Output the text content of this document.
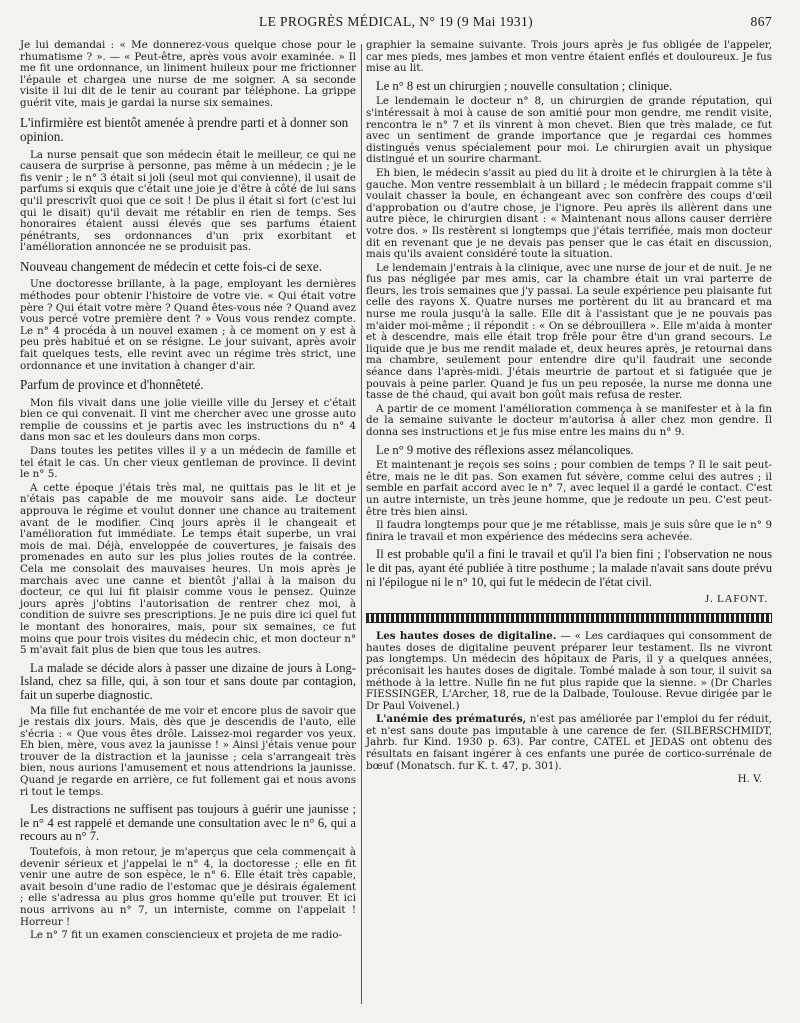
LE PROGRÈS MÉDICAL, N° 19 (9 Mai 1931)	867

Je lui demandai : « Me donnerez-vous quelque chose pour le rhumatisme ? ». — « Peut-être, après vous avoir examinée. » Il me fit une ordonnance, un liniment huileux pour me frictionner l'épaule et chargea une nurse de me soigner. A sa seconde visite il lui dit de le tenir au courant par téléphone. La grippe guérit vite, mais je gardai la nurse six semaines.

L'infirmière est bientôt amenée à prendre parti et à donner son opinion.

La nurse pensait que son médecin était le meilleur, ce qui ne causera de surprise à personne, pas même à un médecin ; je le fis venir ; le n° 3 était si joli (seul mot qui convienne), il usait de parfums si exquis que c'était une joie je d'être à côté de lui sans qu'il prescrivît quoi que ce soit ! De plus il était si fort (c'est lui qui le disait) qu'il devait me rétablir en rien de temps. Ses honoraires étaient aussi élevés que ses parfums étaient pénétrants, ses ordonnances d'un prix exorbitant et l'amélioration annoncée ne se produisit pas.

Nouveau changement de médecin et cette fois-ci de sexe.

Une doctoresse brillante, à la page, employant les dernières méthodes pour obtenir l'histoire de votre vie. « Qui était votre père ? Qui était votre mère ? Quand êtes-vous née ? Quand avez vous percé votre première dent ? » Vous vous rendez compte. Le n° 4 procéda à un nouvel examen ; à ce moment on y est à peu près habitué et on se résigne. Le jour suivant, après avoir fait quelques tests, elle revint avec un régime très strict, une ordonnance et une invitation à changer d'air.

Parfum de province et d'honnêteté.

Mon fils vivait dans une jolie vieille ville du Jersey et c'était bien ce qui convenait. Il vint me chercher avec une grosse auto remplie de coussins et je partis avec les instructions du n° 4 dans mon sac et les douleurs dans mon corps.

Dans toutes les petites villes il y a un médecin de famille et tel était le cas. Un cher vieux gentleman de province. Il devint le n° 5.

A cette époque j'étais très mal, ne quittais pas le lit et je n'étais pas capable de me mouvoir sans aide. Le docteur approuva le régime et voulut donner une chance au traitement avant de le modifier. Cinq jours après il le changeait et l'amélioration fut immédiate. Le temps était superbe, un vrai mois de mai. Déjà, enveloppée de couvertures, je faisais des promenades en auto sur les plus jolies routes de la contrée. Cela me consolait des mauvaises heures. Un mois après je marchais avec une canne et bientôt j'allai à la maison du docteur, ce qui lui fit plaisir comme vous le pensez. Quinze jours après j'obtins l'autorisation de rentrer chez moi, à condition de suivre ses prescriptions. Je ne puis dire ici quel fut le montant des honoraires, mais, pour six semaines, ce fut moins que pour trois visites du médecin chic, et mon docteur n° 5 m'avait fait plus de bien que tous les autres.

La malade se décide alors à passer une dizaine de jours à Long-Island, chez sa fille, qui, à son tour et sans doute par contagion, fait un superbe diagnostic.

Ma fille fut enchantée de me voir et encore plus de savoir que je restais dix jours. Mais, dès que je descendis de l'auto, elle s'écria : « Que vous êtes drôle. Laissez-moi regarder vos yeux. Eh bien, mère, vous avez la jaunisse ! » Ainsi j'étais venue pour trouver de la distraction et la jaunisse ; cela s'arrangeait très bien, nous aurions l'amusement et nous attendrions la jaunisse. Quand je regarde en arrière, ce fut follement gai et nous avons ri tout le temps.

Les distractions ne suffisent pas toujours à guérir une jaunisse ; le n° 4 est rappelé et demande une consultation avec le n° 6, qui a recours au n° 7.

Toutefois, à mon retour, je m'aperçus que cela commençait à devenir sérieux et j'appelai le n° 4, la doctoresse ; elle en fit venir une autre de son espèce, le n° 6. Elle était très capable, avait besoin d'une radio de l'estomac que je désirais également ; elle s'adressa au plus gros homme qu'elle put trouver. Et ici nous arrivons au n° 7, un interniste, comme on l'appelait ! Horreur !

Le n° 7 fit un examen consciencieux et projeta de me radio-

graphier la semaine suivante. Trois jours après je fus obligée de l'appeler, car mes pieds, mes jambes et mon ventre étaient enflés et douloureux. Je fus mise au lit.

Le n° 8 est un chirurgien ; nouvelle consultation ; clinique.

Le lendemain le docteur n° 8, un chirurgien de grande réputation, qui s'intéressait à moi à cause de son amitié pour mon gendre, me rendit visite, rencontra le n° 7 et ils vinrent à mon chevet. Bien que très malade, ce fut avec un sentiment de grande importance que je regardai ces hommes distingués venus spécialement pour moi. Le chirurgien avait un physique distingué et un sourire charmant.

Eh bien, le médecin s'assit au pied du lit à droite et le chirurgien à la tête à gauche. Mon ventre ressemblait à un billard ; le médecin frappait comme s'il voulait chasser la boule, en échangeant avec son confrère des coups d'œil d'approbation ou d'autre chose, je l'ignore. Peu après ils allèrent dans une autre pièce, le chirurgien disant : « Maintenant nous allons causer derrière votre dos. » Ils restèrent si longtemps que j'étais terrifiée, mais mon docteur dit en revenant que je ne devais pas penser que le cas était en discussion, mais qu'ils avaient considéré toute la situation.

Le lendemain j'entrais à la clinique, avec une nurse de jour et de nuit. Je ne fus pas négligée par mes amis, car la chambre était un vrai parterre de fleurs, les trois semaines que j'y passai. La seule expérience peu plaisante fut celle des rayons X. Quatre nurses me portèrent du lit au brancard et ma nurse me roula jusqu'à la salle. Elle dit à l'assistant que je ne pouvais pas m'aider moi-même ; il répondit : « On se débrouillera ». Elle m'aida à monter et à descendre, mais elle était trop frêle pour être d'un grand secours. Le liquide que je bus me rendit malade et, deux heures après, je retournai dans ma chambre, seulement pour entendre dire qu'il faudrait une seconde séance dans l'après-midi. J'étais meurtrie de partout et si fatiguée que je pouvais à peine parler. Quand je fus un peu reposée, la nurse me donna une tasse de thé chaud, qui avait bon goût mais refusa de rester.

A partir de ce moment l'amélioration commença à se manifester et à la fin de la semaine suivante le docteur m'autorisa à aller chez mon gendre. Il donna ses instructions et je fus mise entre les mains du n° 9.

Le n° 9 motive des réflexions assez mélancoliques.

Et maintenant je reçois ses soins ; pour combien de temps ? Il le sait peut-être, mais ne le dit pas. Son examen fut sévère, comme celui des autres ; il semble en parfait accord avec le n° 7, avec lequel il a gardé le contact. C'est un autre interniste, un très jeune homme, que je redoute un peu. C'est peut-être très bien ainsi.

Il faudra longtemps pour que je me rétablisse, mais je suis sûre que le n° 9 finira le travail et mon expérience des médecins sera achevée.

Il est probable qu'il a fini le travail et qu'il l'a bien fini ; l'observation ne nous le dit pas, ayant été publiée à titre posthume ; la malade n'avait sans doute prévu ni l'épilogue ni le n° 10, qui fut le médecin de l'état civil.
J. LAFONT.

Les hautes doses de digitaline. — « Les cardiaques qui consomment de hautes doses de digitaline peuvent préparer leur testament. Ils ne vivront pas longtemps. Un médecin des hôpitaux de Paris, il y a quelques années, préconisait les hautes doses de digitale. Tombé malade à son tour, il suivit sa méthode à la lettre. Nulle fin ne fut plus rapide que la sienne. » (Dr Charles FIESSINGER, L'Archer, 18, rue de la Dalbade, Toulouse. Revue dirigée par le Dr Paul Voivenel.)

L'anémie des prématurés, n'est pas améliorée par l'emploi du fer réduit, et n'est sans doute pas imputable à une carence de fer. (SILBERSCHMIDT, Jahrb. fur Kind. 1930 p. 63). Par contre, CATEL et JEDAS ont obtenu des résultats en faisant ingérer à ces enfants une purée de cortico-surrénale de bœuf (Monatsch. fur K. t. 47, p. 301).

H. V.
